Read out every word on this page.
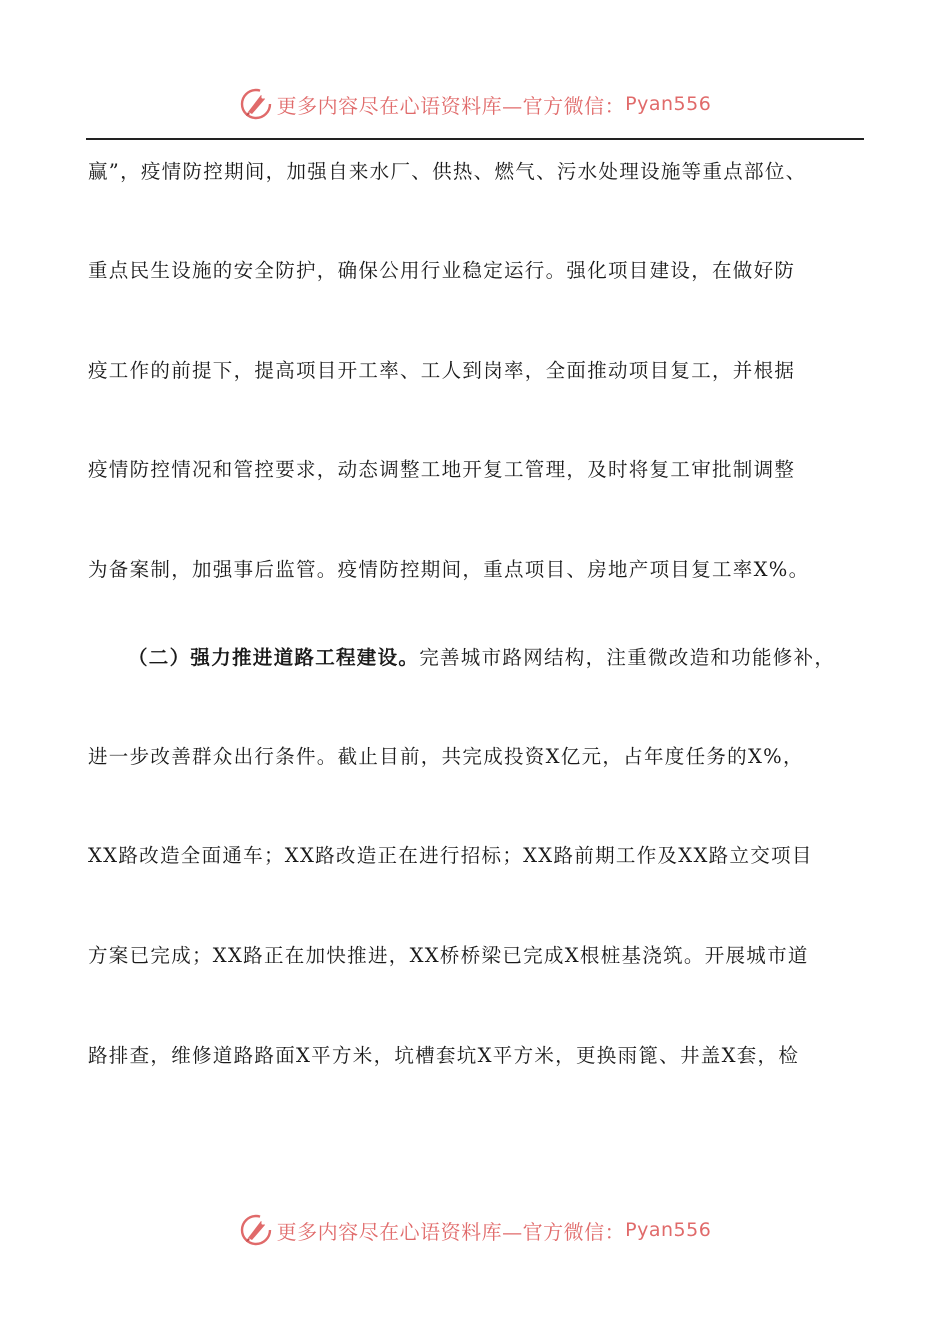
更多内容尽在心语资料库—官方微信： Pyan556
赢”，疫情防控期间，加强自来水厂、供热、燃气、污水处理设施等重点部位、
重点民生设施的安全防护，确保公用行业稳定运行。强化项目建设，在做好防
疫工作的前提下，提高项目开工率、工人到岗率，全面推动项目复工，并根据
疫情防控情况和管控要求，动态调整工地开复工管理，及时将复工审批制调整
为备案制，加强事后监管。疫情防控期间，重点项目、房地产项目复工率X%。
（二）强力推进道路工程建设。完善城市路网结构，注重微改造和功能修补，
进一步改善群众出行条件。截止目前，共完成投资X亿元，占年度任务的X%，
XX路改造全面通车；XX路改造正在进行招标；XX路前期工作及XX路立交项目
方案已完成；XX路正在加快推进，XX桥桥梁已完成X根桩基浇筑。开展城市道
路排查，维修道路路面X平方米，坑槽套坑X平方米，更换雨篦、井盖X套，检
更多内容尽在心语资料库—官方微信： Pyan556
